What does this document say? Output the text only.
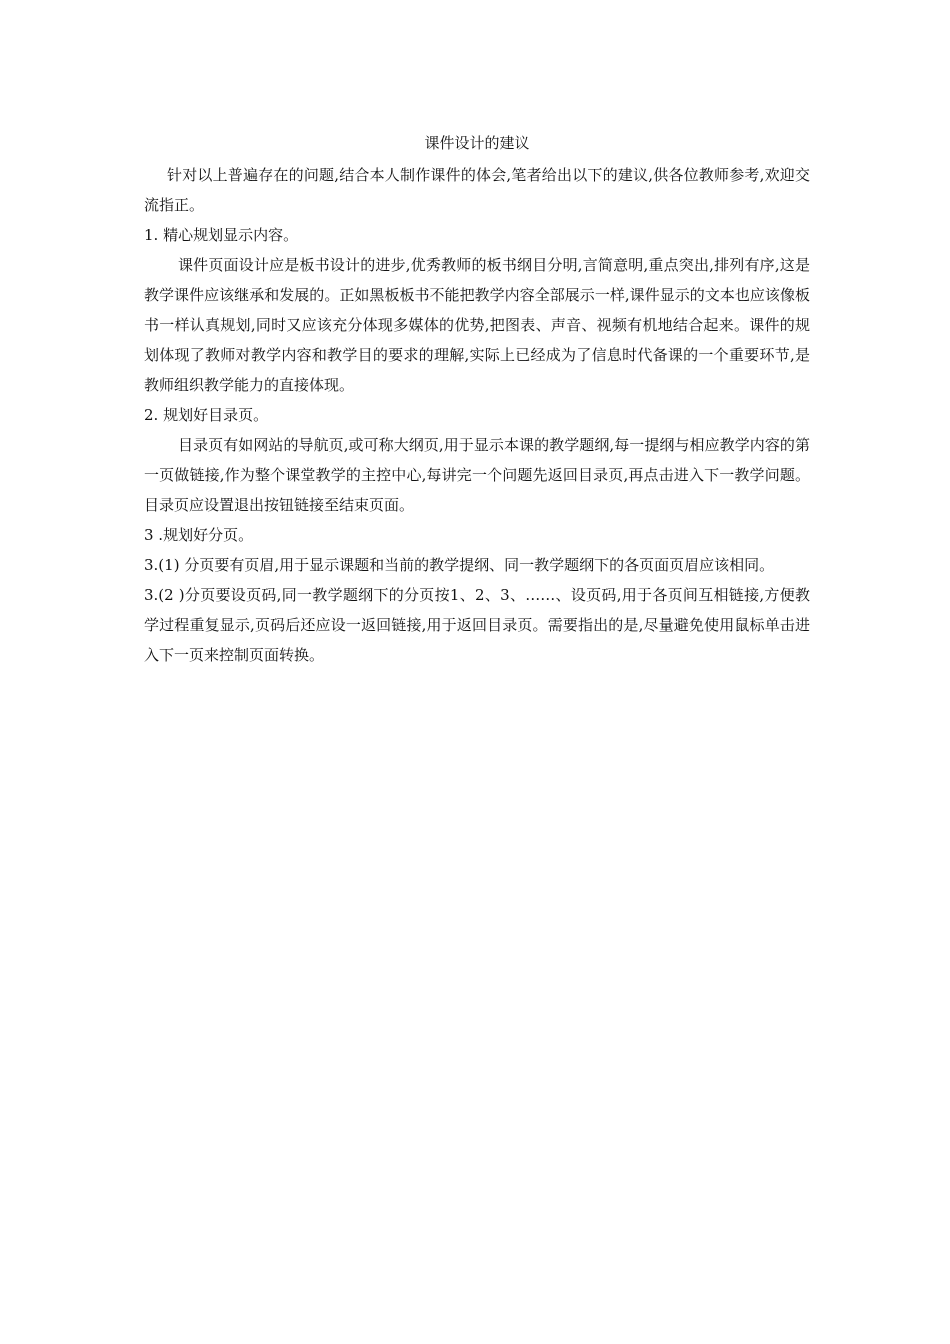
课件设计的建议

针对以上普遍存在的问题,结合本人制作课件的体会,笔者给出以下的建议,供各位教师参考,欢迎交流指正。

1. 精心规划显示内容。

课件页面设计应是板书设计的进步,优秀教师的板书纲目分明,言简意明,重点突出,排列有序,这是教学课件应该继承和发展的。正如黑板板书不能把教学内容全部展示一样,课件显示的文本也应该像板书一样认真规划,同时又应该充分体现多媒体的优势,把图表、声音、视频有机地结合起来。课件的规划体现了教师对教学内容和教学目的要求的理解,实际上已经成为了信息时代备课的一个重要环节,是教师组织教学能力的直接体现。

2. 规划好目录页。

目录页有如网站的导航页,或可称大纲页,用于显示本课的教学题纲,每一提纲与相应教学内容的第一页做链接,作为整个课堂教学的主控中心,每讲完一个问题先返回目录页,再点击进入下一教学问题。目录页应设置退出按钮链接至结束页面。

3 .规划好分页。

3.(1) 分页要有页眉,用于显示课题和当前的教学提纲、同一教学题纲下的各页面页眉应该相同。

3.(2 )分页要设页码,同一教学题纲下的分页按1、2、3、……、设页码,用于各页间互相链接,方便教学过程重复显示,页码后还应设一返回链接,用于返回目录页。需要指出的是,尽量避免使用鼠标单击进入下一页来控制页面转换。
